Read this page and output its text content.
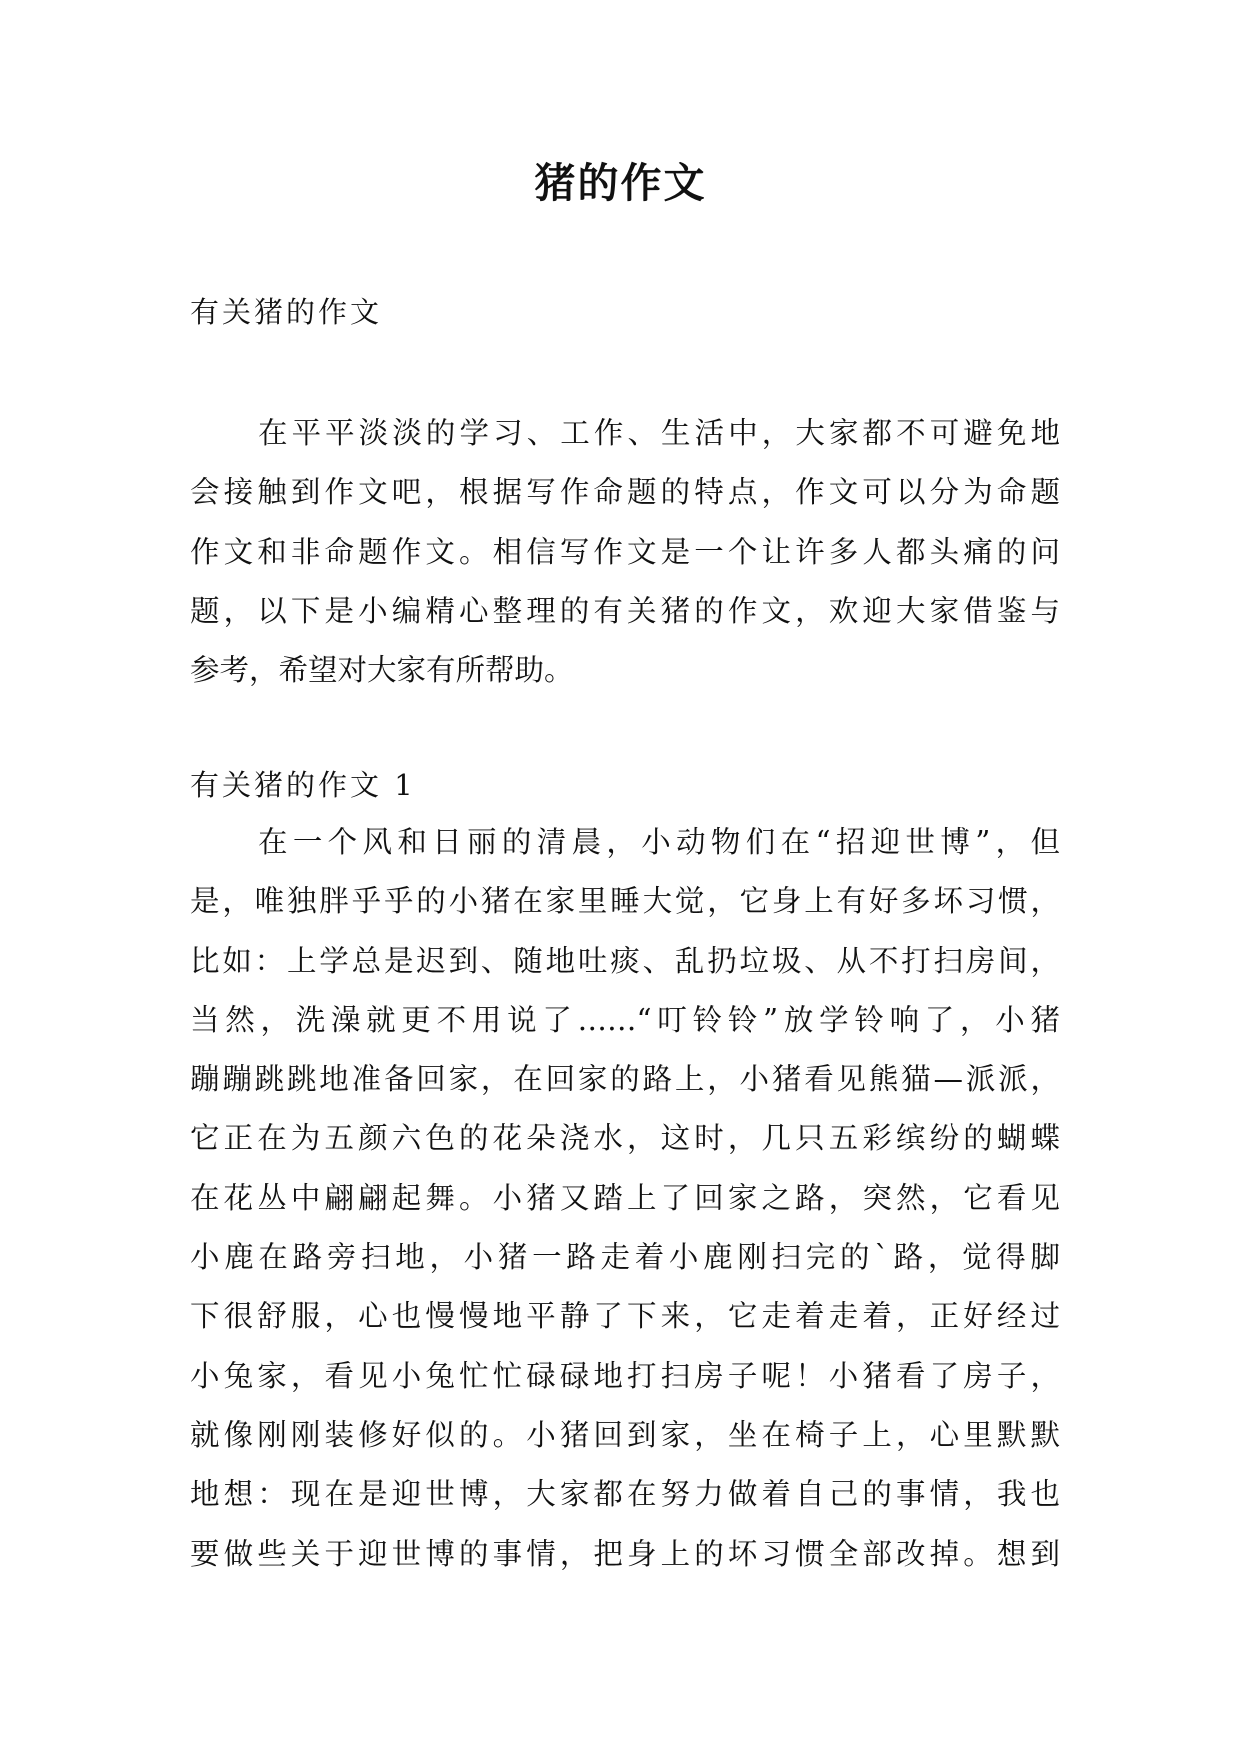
猪的作文

有关猪的作文

在平平淡淡的学习、工作、生活中，大家都不可避免地
会接触到作文吧，根据写作命题的特点，作文可以分为命题
作文和非命题作文。相信写作文是一个让许多人都头痛的问
题，以下是小编精心整理的有关猪的作文，欢迎大家借鉴与
参考，希望对大家有所帮助。

有关猪的作文 1

在一个风和日丽的清晨，小动物们在“招迎世博”，但
是，唯独胖乎乎的小猪在家里睡大觉，它身上有好多坏习惯，
比如：上学总是迟到、随地吐痰、乱扔垃圾、从不打扫房间，
当然，洗澡就更不用说了……“叮铃铃”放学铃响了，小猪
蹦蹦跳跳地准备回家，在回家的路上，小猪看见熊猫—派派，
它正在为五颜六色的花朵浇水，这时，几只五彩缤纷的蝴蝶
在花丛中翩翩起舞。小猪又踏上了回家之路，突然，它看见
小鹿在路旁扫地，小猪一路走着小鹿刚扫完的`路，觉得脚
下很舒服，心也慢慢地平静了下来，它走着走着，正好经过
小兔家，看见小兔忙忙碌碌地打扫房子呢！小猪看了房子，
就像刚刚装修好似的。小猪回到家，坐在椅子上，心里默默
地想：现在是迎世博，大家都在努力做着自己的事情，我也
要做些关于迎世博的事情，把身上的坏习惯全部改掉。想到
